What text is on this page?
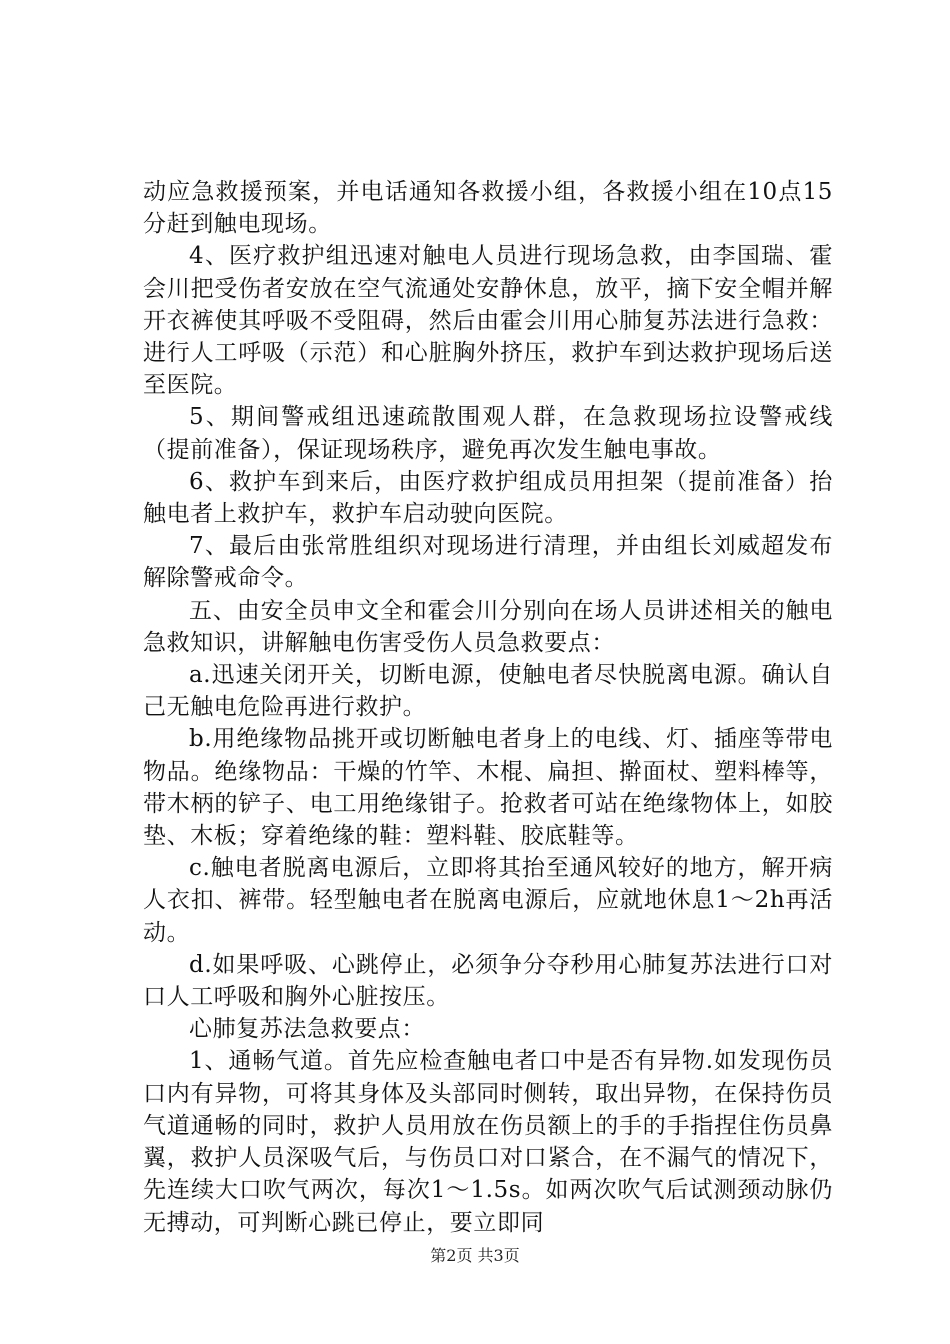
动应急救援预案，并电话通知各救援小组，各救援小组在10点15分赶到触电现场。

4、医疗救护组迅速对触电人员进行现场急救，由李国瑞、霍会川把受伤者安放在空气流通处安静休息，放平，摘下安全帽并解开衣裤使其呼吸不受阻碍，然后由霍会川用心肺复苏法进行急救：进行人工呼吸（示范）和心脏胸外挤压，救护车到达救护现场后送至医院。

5、期间警戒组迅速疏散围观人群，在急救现场拉设警戒线（提前准备），保证现场秩序，避免再次发生触电事故。

6、救护车到来后，由医疗救护组成员用担架（提前准备）抬触电者上救护车，救护车启动驶向医院。

7、最后由张常胜组织对现场进行清理，并由组长刘威超发布解除警戒命令。

五、由安全员申文全和霍会川分别向在场人员讲述相关的触电急救知识，讲解触电伤害受伤人员急救要点：

a.迅速关闭开关，切断电源，使触电者尽快脱离电源。确认自己无触电危险再进行救护。

b.用绝缘物品挑开或切断触电者身上的电线、灯、插座等带电物品。绝缘物品：干燥的竹竿、木棍、扁担、擀面杖、塑料棒等，带木柄的铲子、电工用绝缘钳子。抢救者可站在绝缘物体上，如胶垫、木板；穿着绝缘的鞋：塑料鞋、胶底鞋等。

c.触电者脱离电源后，立即将其抬至通风较好的地方，解开病人衣扣、裤带。轻型触电者在脱离电源后，应就地休息1～2h再活动。

d.如果呼吸、心跳停止，必须争分夺秒用心肺复苏法进行口对口人工呼吸和胸外心脏按压。

心肺复苏法急救要点：

1、通畅气道。首先应检查触电者口中是否有异物.如发现伤员口内有异物，可将其身体及头部同时侧转，取出异物，在保持伤员气道通畅的同时，救护人员用放在伤员额上的手的手指捏住伤员鼻翼，救护人员深吸气后，与伤员口对口紧合，在不漏气的情况下，先连续大口吹气两次，每次1～1.5s。如两次吹气后试测颈动脉仍无搏动，可判断心跳已停止，要立即同

第2页 共3页
